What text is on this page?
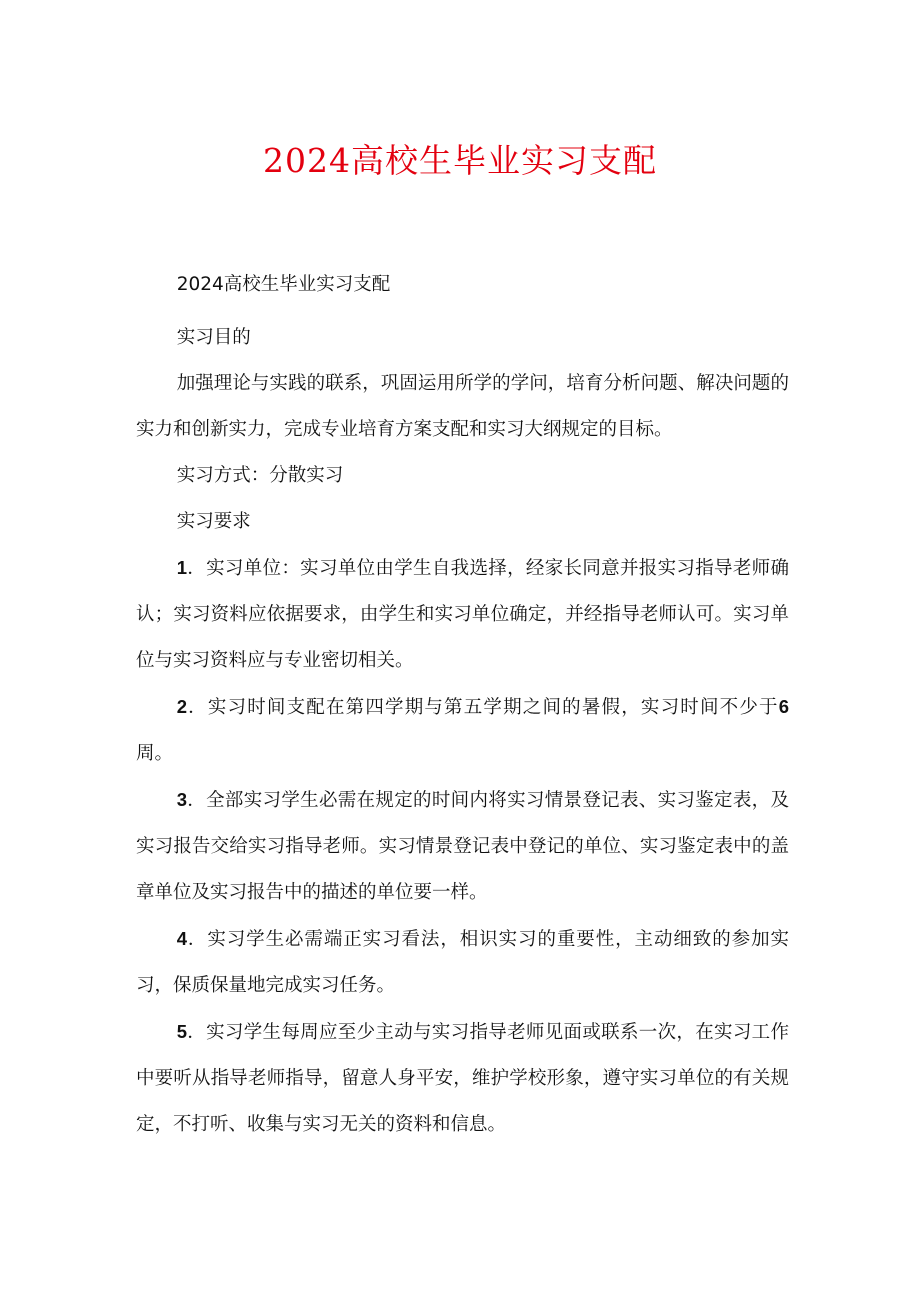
2024高校生毕业实习支配

2024高校生毕业实习支配

实习目的

加强理论与实践的联系，巩固运用所学的学问，培育分析问题、解决问题的实力和创新实力，完成专业培育方案支配和实习大纲规定的目标。

实习方式：分散实习

实习要求

1．实习单位：实习单位由学生自我选择，经家长同意并报实习指导老师确认；实习资料应依据要求，由学生和实习单位确定，并经指导老师认可。实习单位与实习资料应与专业密切相关。

2．实习时间支配在第四学期与第五学期之间的暑假，实习时间不少于6周。

3．全部实习学生必需在规定的时间内将实习情景登记表、实习鉴定表，及实习报告交给实习指导老师。实习情景登记表中登记的单位、实习鉴定表中的盖章单位及实习报告中的描述的单位要一样。

4．实习学生必需端正实习看法，相识实习的重要性，主动细致的参加实习，保质保量地完成实习任务。

5．实习学生每周应至少主动与实习指导老师见面或联系一次，在实习工作中要听从指导老师指导，留意人身平安，维护学校形象，遵守实习单位的有关规定，不打听、收集与实习无关的资料和信息。
